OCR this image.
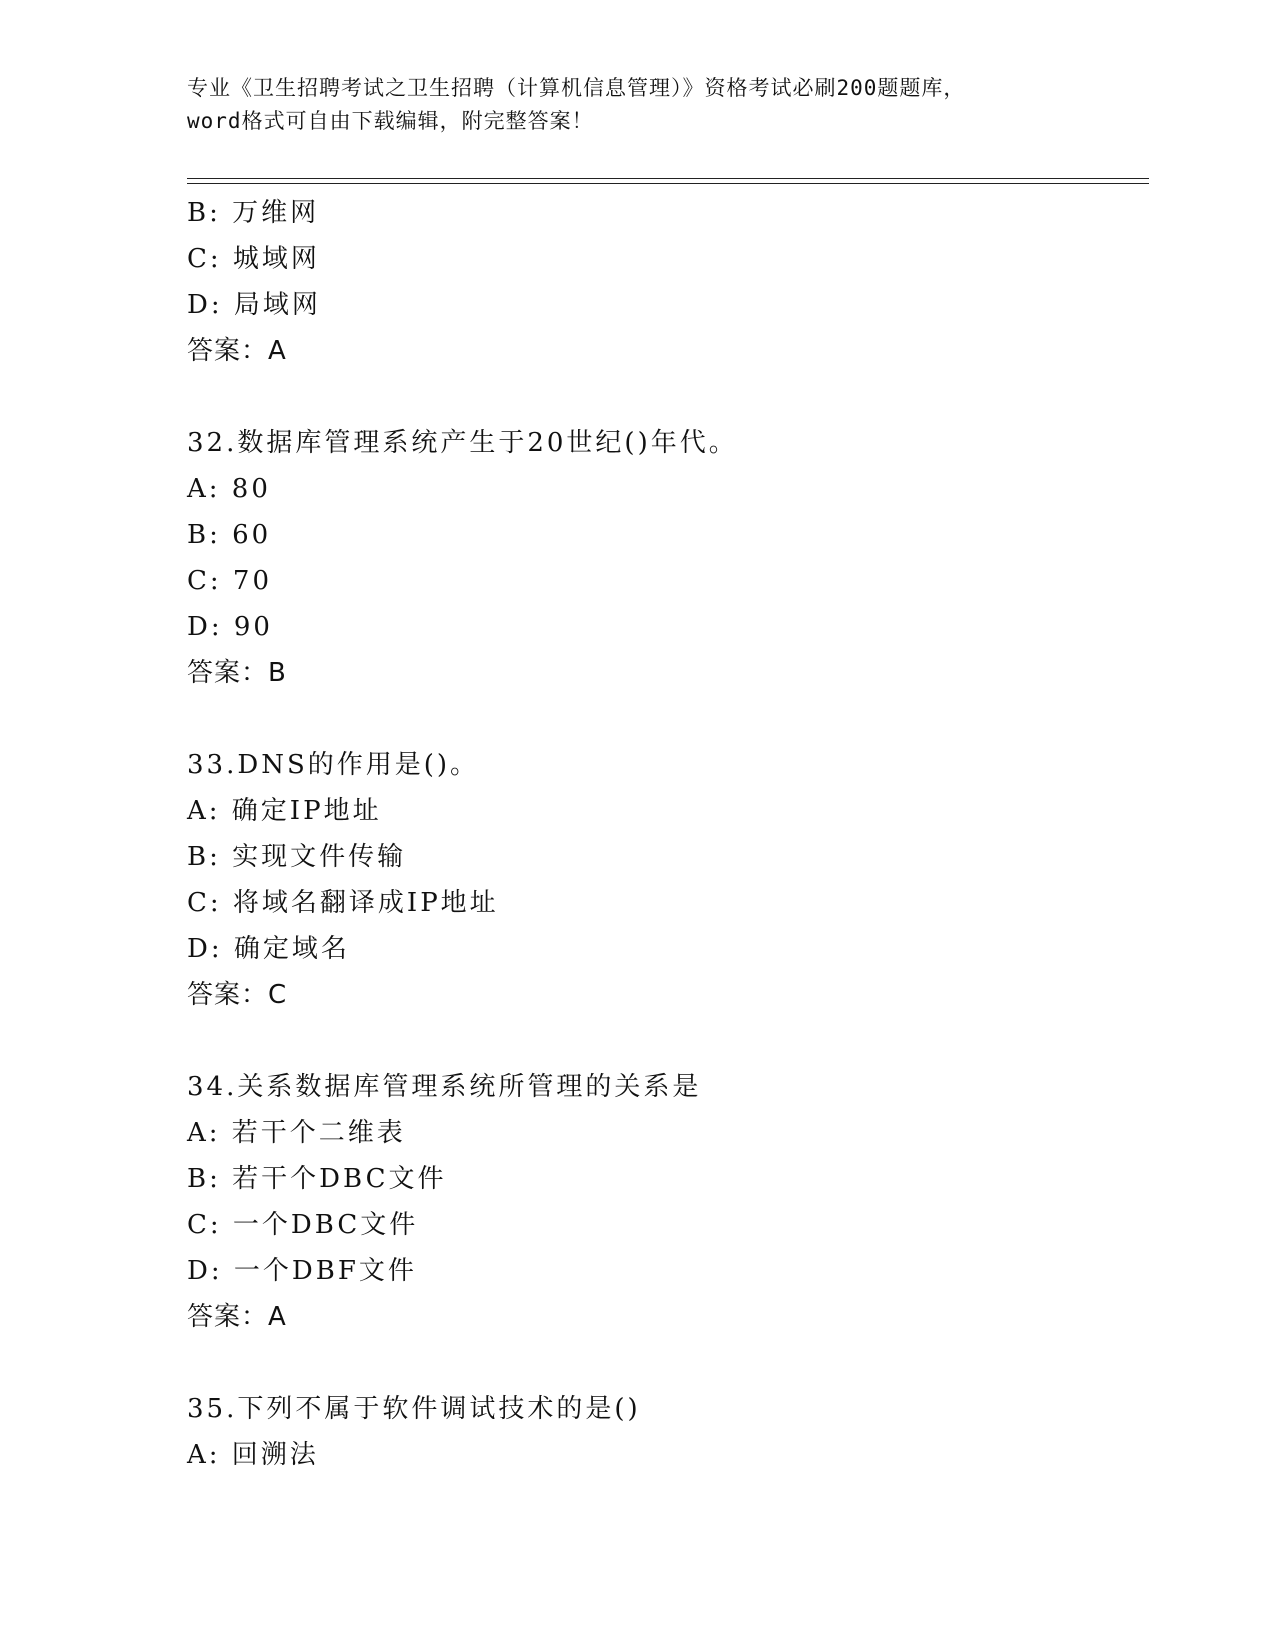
专业《卫生招聘考试之卫生招聘（计算机信息管理）》资格考试必刷200题题库，
word格式可自由下载编辑，附完整答案！
B: 万维网
C: 城域网
D: 局域网
答案：A
32.数据库管理系统产生于20世纪()年代。
A: 80
B: 60
C: 70
D: 90
答案：B
33.DNS的作用是()。
A: 确定IP地址
B: 实现文件传输
C: 将域名翻译成IP地址
D: 确定域名
答案：C
34.关系数据库管理系统所管理的关系是
A: 若干个二维表
B: 若干个DBC文件
C: 一个DBC文件
D: 一个DBF文件
答案：A
35.下列不属于软件调试技术的是()
A: 回溯法
